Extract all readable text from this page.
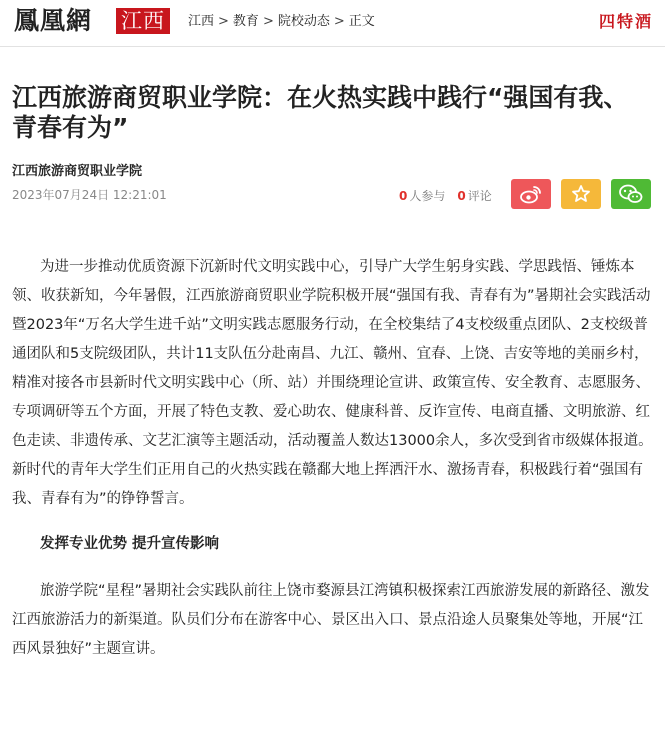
鳳凰網 江西	江西 > 教育 > 院校动态 > 正文	四特酒
江西旅游商贸职业学院：在火热实践中践行“强国有我、青春有为”
江西旅游商贸职业学院
2023年07月24日 12:21:01	0 人参与 0 评论

为进一步推动优质资源下沉新时代文明实践中心，引导广大学生躬身实践、学思践悟、锤炼本领、收获新知，今年暑假，江西旅游商贸职业学院积极开展“强国有我、青春有为”暑期社会实践活动暨2023年“万名大学生进千站”文明实践志愿服务行动，在全校集结了4支校级重点团队、2支校级普通团队和5支院级团队，共计11支队伍分赴南昌、九江、赣州、宜春、上饶、吉安等地的美丽乡村，精准对接各市县新时代文明实践中心（所、站）并围绕理论宣讲、政策宣传、安全教育、志愿服务、专项调研等五个方面，开展了特色支教、爱心助农、健康科普、反诈宣传、电商直播、文明旅游、红色走读、非遗传承、文艺汇演等主题活动，活动覆盖人数达13000余人，多次受到省市级媒体报道。新时代的青年大学生们正用自己的火热实践在赣鄱大地上挥洒汗水、激扬青春，积极践行着“强国有我、青春有为”的铮铮誓言。

发挥专业优势 提升宣传影响

旅游学院“星程”暑期社会实践队前往上饶市婺源县江湾镇积极探索江西旅游发展的新路径、激发江西旅游活力的新渠道。队员们分布在游客中心、景区出入口、景点沿途人员聚集处等地，开展“江西风景独好”主题宣讲。
